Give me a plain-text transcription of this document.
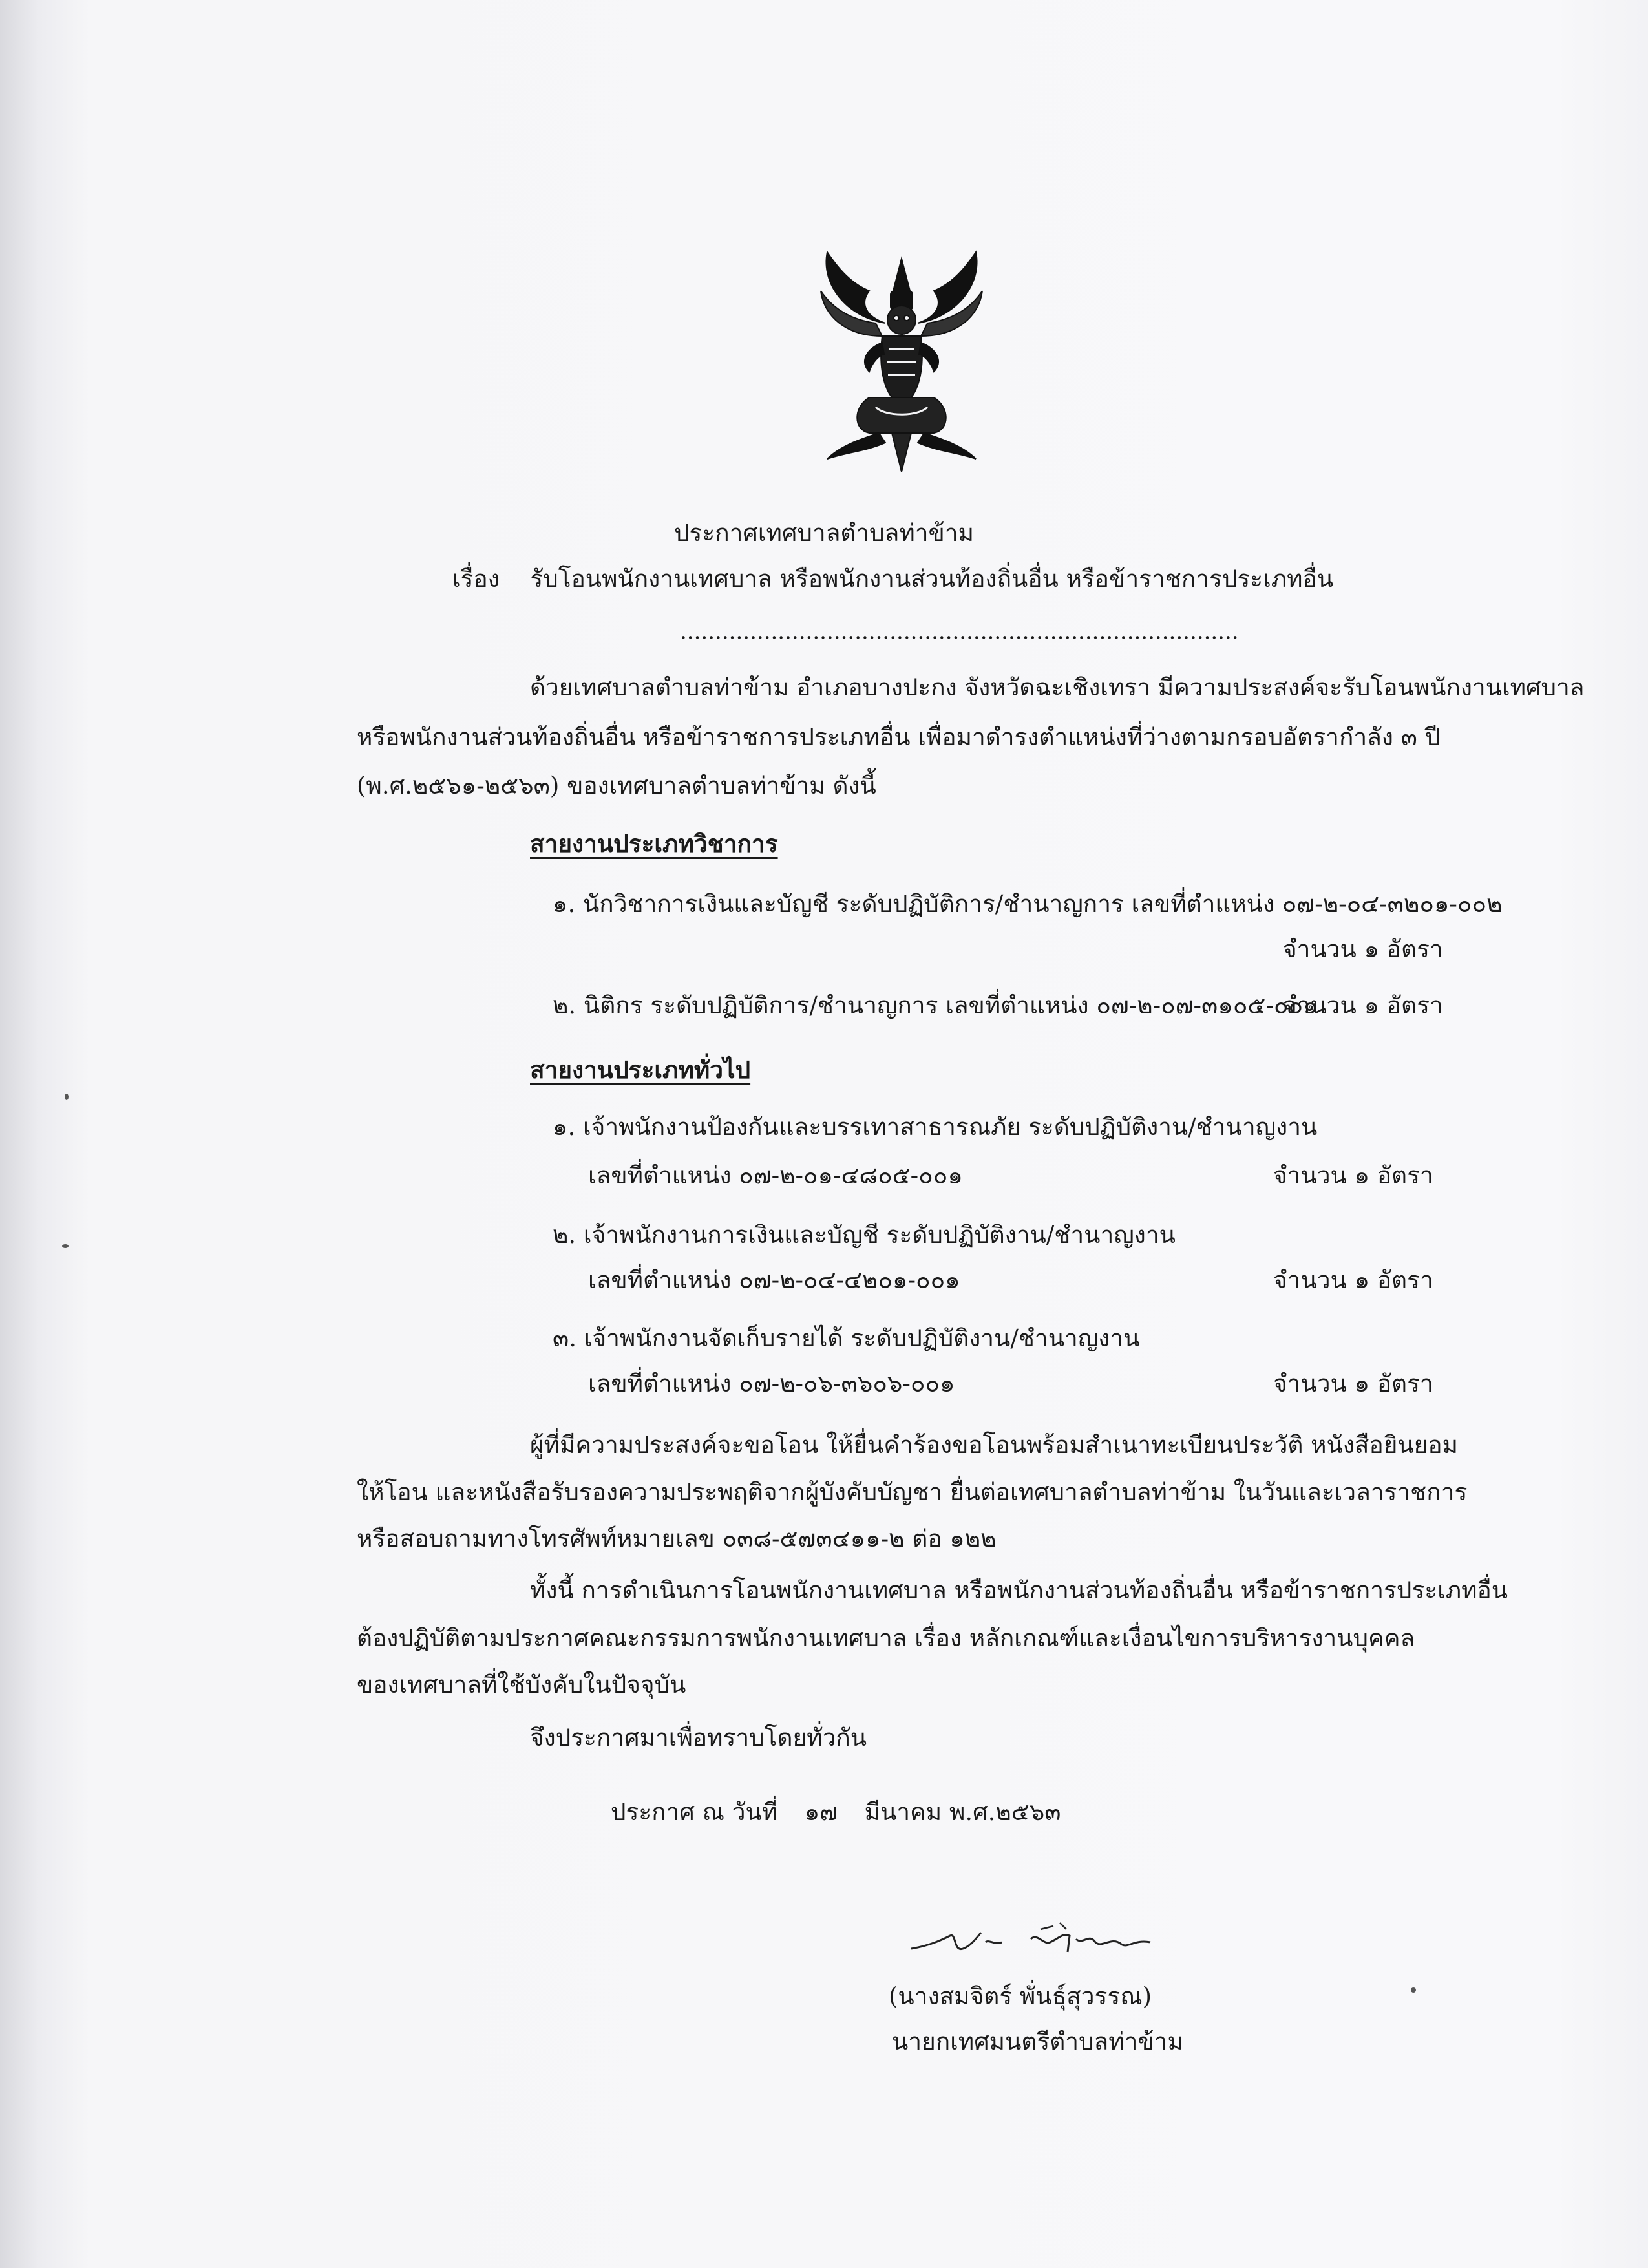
ประกาศเทศบาลตำบลท่าข้าม
เรื่อง รับโอนพนักงานเทศบาล หรือพนักงานส่วนท้องถิ่นอื่น หรือข้าราชการประเภทอื่น
................................................................................
ด้วยเทศบาลตำบลท่าข้าม อำเภอบางปะกง จังหวัดฉะเชิงเทรา มีความประสงค์จะรับโอนพนักงานเทศบาล
หรือพนักงานส่วนท้องถิ่นอื่น หรือข้าราชการประเภทอื่น เพื่อมาดำรงตำแหน่งที่ว่างตามกรอบอัตรากำลัง ๓ ปี
(พ.ศ.๒๕๖๑-๒๕๖๓) ของเทศบาลตำบลท่าข้าม ดังนี้
สายงานประเภทวิชาการ
๑. นักวิชาการเงินและบัญชี ระดับปฏิบัติการ/ชำนาญการ เลขที่ตำแหน่ง ๐๗-๒-๐๔-๓๒๐๑-๐๐๒
จำนวน ๑ อัตรา
๒. นิติกร ระดับปฏิบัติการ/ชำนาญการ เลขที่ตำแหน่ง ๐๗-๒-๐๗-๓๑๐๕-๐๐๑
จำนวน ๑ อัตรา
สายงานประเภททั่วไป
๑. เจ้าพนักงานป้องกันและบรรเทาสาธารณภัย ระดับปฏิบัติงาน/ชำนาญงาน
เลขที่ตำแหน่ง ๐๗-๒-๐๑-๔๘๐๕-๐๐๑	จำนวน ๑ อัตรา
๒. เจ้าพนักงานการเงินและบัญชี ระดับปฏิบัติงาน/ชำนาญงาน
เลขที่ตำแหน่ง ๐๗-๒-๐๔-๔๒๐๑-๐๐๑	จำนวน ๑ อัตรา
๓. เจ้าพนักงานจัดเก็บรายได้ ระดับปฏิบัติงาน/ชำนาญงาน
เลขที่ตำแหน่ง ๐๗-๒-๐๖-๓๖๐๖-๐๐๑	จำนวน ๑ อัตรา
ผู้ที่มีความประสงค์จะขอโอน ให้ยื่นคำร้องขอโอนพร้อมสำเนาทะเบียนประวัติ หนังสือยินยอม
ให้โอน และหนังสือรับรองความประพฤติจากผู้บังคับบัญชา ยื่นต่อเทศบาลตำบลท่าข้าม ในวันและเวลาราชการ
หรือสอบถามทางโทรศัพท์หมายเลข ๐๓๘-๕๗๓๔๑๑-๒ ต่อ ๑๒๒
ทั้งนี้ การดำเนินการโอนพนักงานเทศบาล หรือพนักงานส่วนท้องถิ่นอื่น หรือข้าราชการประเภทอื่น
ต้องปฏิบัติตามประกาศคณะกรรมการพนักงานเทศบาล เรื่อง หลักเกณฑ์และเงื่อนไขการบริหารงานบุคคล
ของเทศบาลที่ใช้บังคับในปัจจุบัน
จึงประกาศมาเพื่อทราบโดยทั่วกัน
ประกาศ ณ วันที่ ๑๗ มีนาคม พ.ศ.๒๕๖๓
(นางสมจิตร์ พั่นธุ์สุวรรณ)
นายกเทศมนตรีตำบลท่าข้าม
